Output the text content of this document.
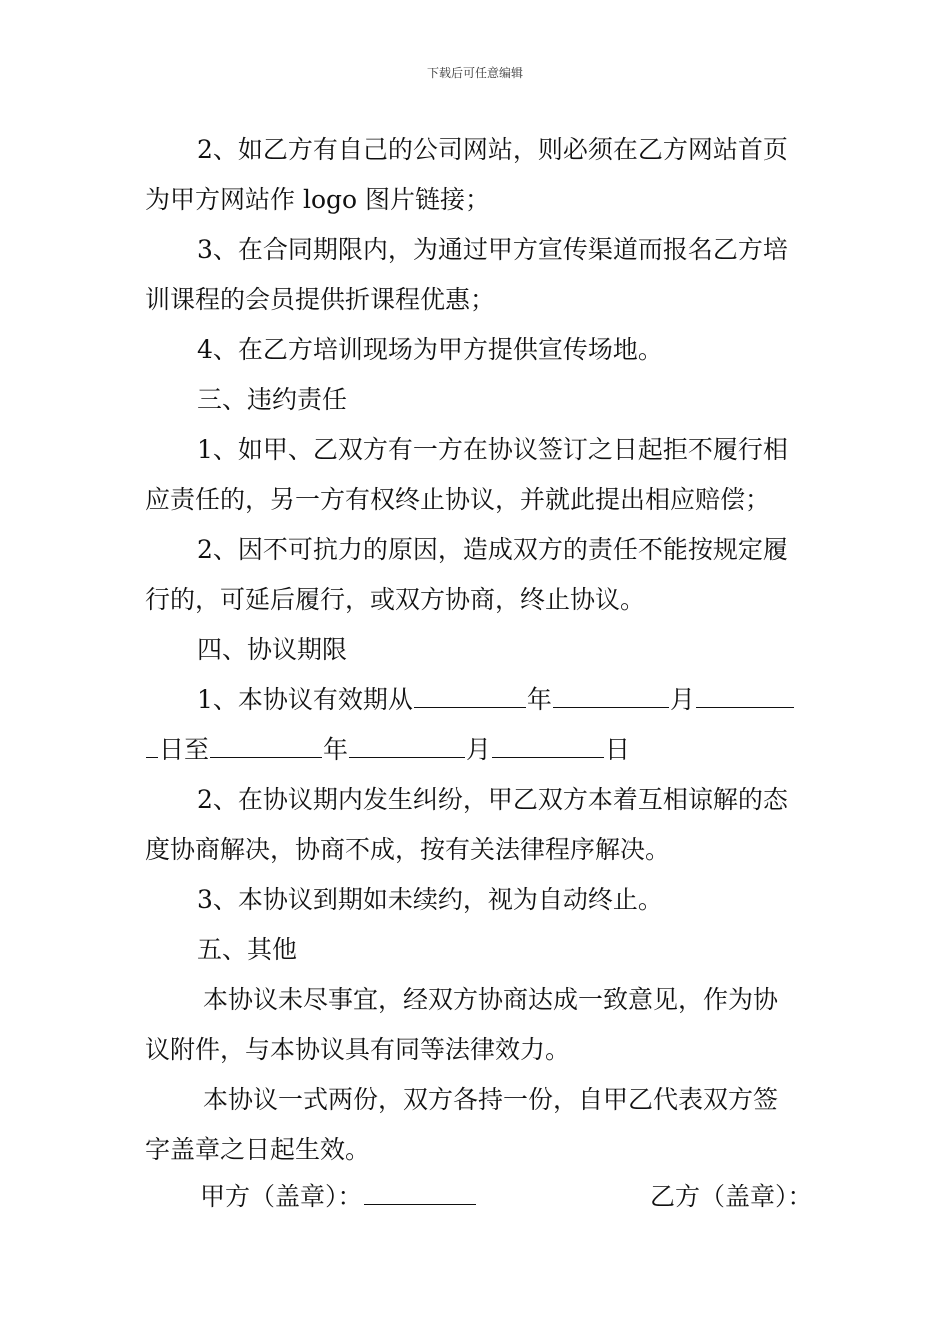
下载后可任意编辑
2、如乙方有自己的公司网站，则必须在乙方网站首页
为甲方网站作 logo 图片链接；
3、在合同期限内，为通过甲方宣传渠道而报名乙方培
训课程的会员提供折课程优惠；
4、在乙方培训现场为甲方提供宣传场地。
三、违约责任
1、如甲、乙双方有一方在协议签订之日起拒不履行相
应责任的，另一方有权终止协议，并就此提出相应赔偿；
2、因不可抗力的原因，造成双方的责任不能按规定履
行的，可延后履行，或双方协商，终止协议。
四、协议期限
1、本协议有效期从	年	月
日至	年	月	日
2、在协议期内发生纠纷，甲乙双方本着互相谅解的态
度协商解决，协商不成，按有关法律程序解决。
3、本协议到期如未续约，视为自动终止。
五、其他
本协议未尽事宜，经双方协商达成一致意见，作为协
议附件，与本协议具有同等法律效力。
本协议一式两份，双方各持一份，自甲乙代表双方签
字盖章之日起生效。
甲方（盖章）：	乙方（盖章）：
